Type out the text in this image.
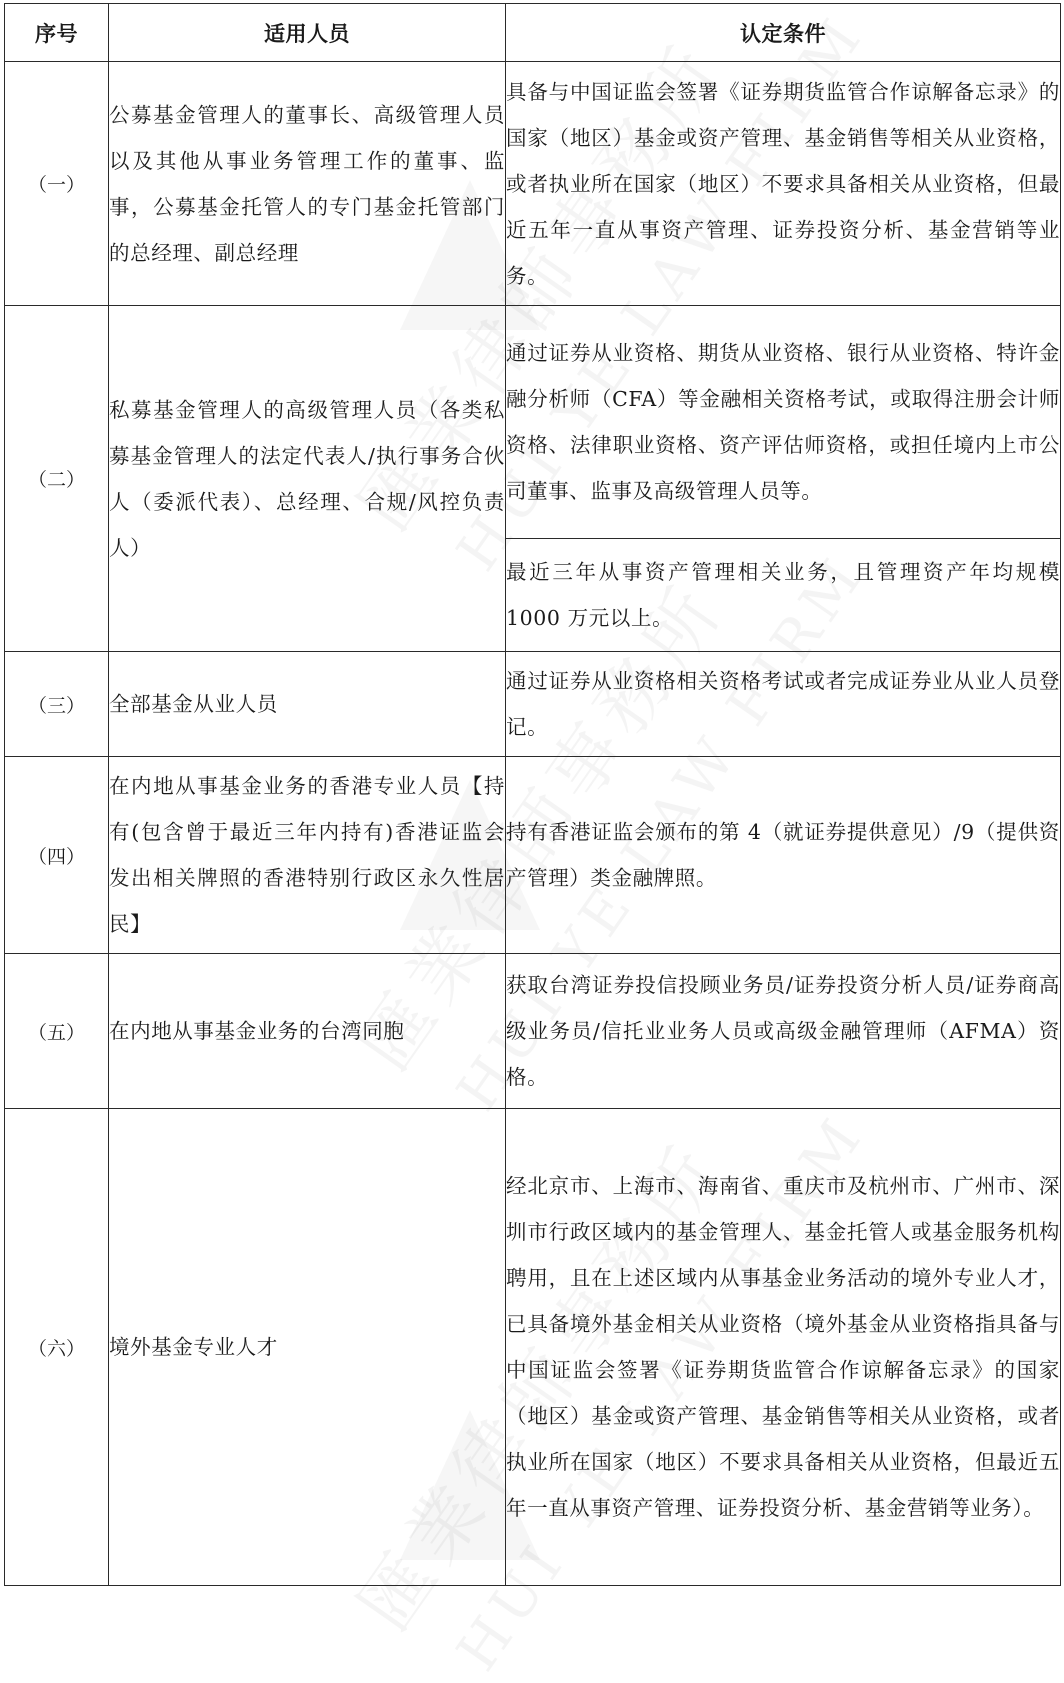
序号	适用人员	认定条件
（一）	公募基金管理人的董事长、高级管理人员以及其他从事业务管理工作的董事、监事，公募基金托管人的专门基金托管部门的总经理、副总经理	具备与中国证监会签署《证券期货监管合作谅解备忘录》的国家（地区）基金或资产管理、基金销售等相关从业资格，或者执业所在国家（地区）不要求具备相关从业资格，但最近五年一直从事资产管理、证券投资分析、基金营销等业务。

（二）	私募基金管理人的高级管理人员（各类私募基金管理人的法定代表人/执行事务合伙人（委派代表）、总经理、合规/风控负责人）	通过证券从业资格、期货从业资格、银行从业资格、特许金融分析师（CFA）等金融相关资格考试，或取得注册会计师资格、法律职业资格、资产评估师资格，或担任境内上市公司董事、监事及高级管理人员等。

		最近三年从事资产管理相关业务，且管理资产年均规模 1000 万元以上。

（三）	全部基金从业人员	通过证券从业资格相关资格考试或者完成证券业从业人员登记。

（四）	在内地从事基金业务的香港专业人员【持有(包含曾于最近三年内持有)香港证监会发出相关牌照的香港特别行政区永久性居民】	持有香港证监会颁布的第 4（就证券提供意见）/9（提供资产管理）类金融牌照。

（五）	在内地从事基金业务的台湾同胞	获取台湾证券投信投顾业务员/证券投资分析人员/证券商高级业务员/信托业业务人员或高级金融管理师（AFMA）资格。

（六）	境外基金专业人才	经北京市、上海市、海南省、重庆市及杭州市、广州市、深圳市行政区域内的基金管理人、基金托管人或基金服务机构聘用，且在上述区域内从事基金业务活动的境外专业人才，已具备境外基金相关从业资格（境外基金从业资格指具备与中国证监会签署《证券期货监管合作谅解备忘录》的国家（地区）基金或资产管理、基金销售等相关从业资格，或者执业所在国家（地区）不要求具备相关从业资格，但最近五年一直从事资产管理、证券投资分析、基金营销等业务）。
